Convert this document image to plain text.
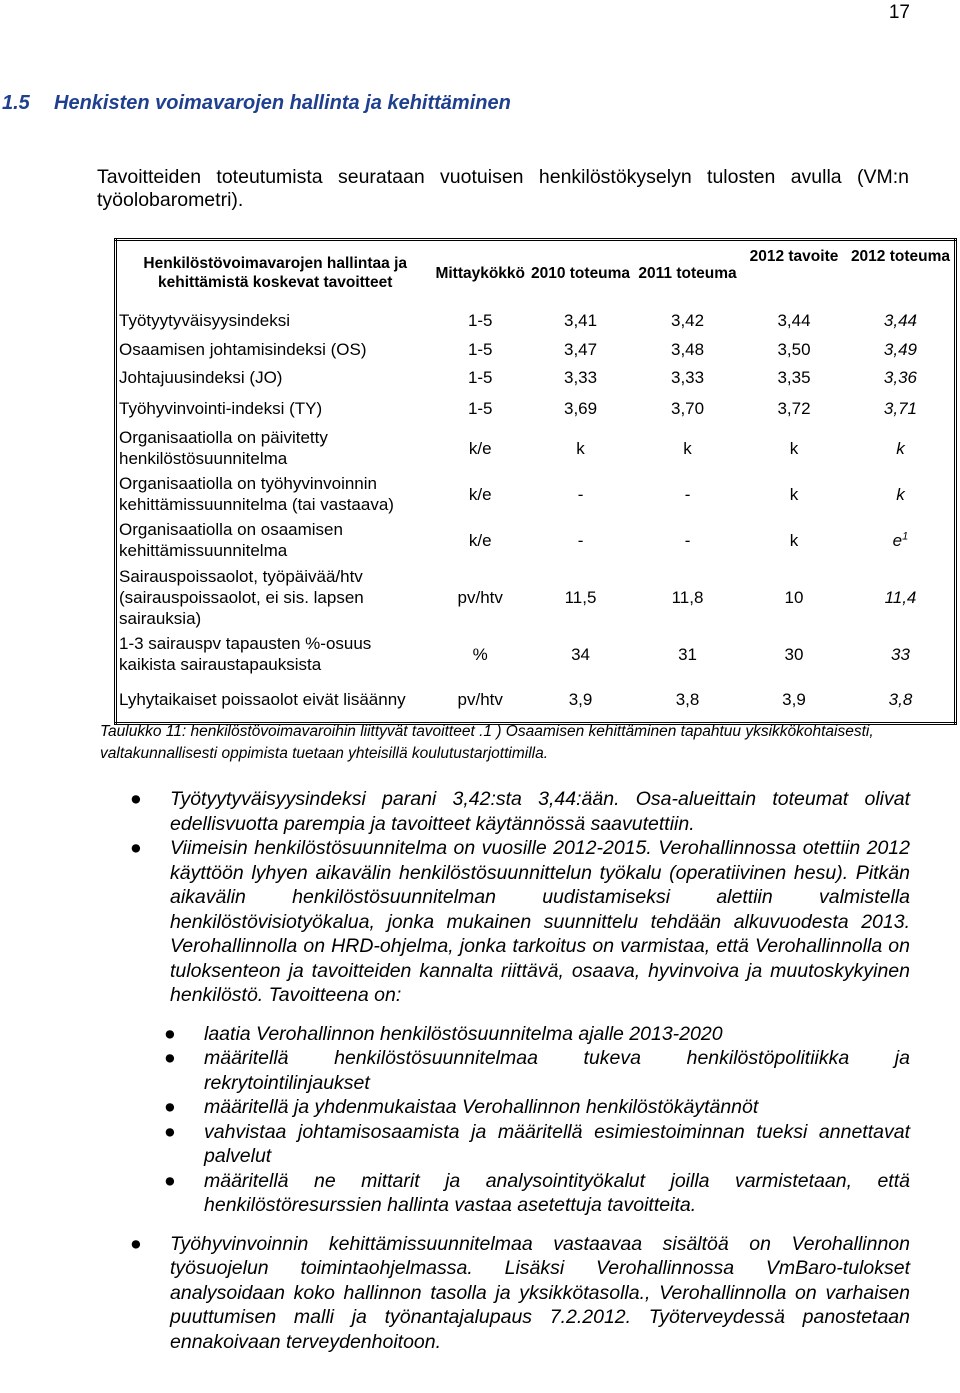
17
1.5 Henkisten voimavarojen hallinta ja kehittäminen
Tavoitteiden toteutumista seurataan vuotuisen henkilöstökyselyn tulosten avulla (VM:n työolobarometri).
Henkilöstövoimavarojen hallintaa ja kehittämistä koskevat tavoitteet	Mittaykökkö	2010 toteuma	2011 toteuma	2012 tavoite	2012 toteuma
Työtyytyväisyysindeksi	1-5	3,41	3,42	3,44	3,44
Osaamisen johtamisindeksi (OS)	1-5	3,47	3,48	3,50	3,49
Johtajuusindeksi (JO)	1-5	3,33	3,33	3,35	3,36
Työhyvinvointi-indeksi (TY)	1-5	3,69	3,70	3,72	3,71
Organisaatiolla on päivitetty henkilöstösuunnitelma	k/e	k	k	k	k
Organisaatiolla on työhyvinvoinnin kehittämissuunnitelma (tai vastaava)	k/e	-	-	k	k
Organisaatiolla on osaamisen kehittämissuunnitelma	k/e	-	-	k	$e^1$
Sairauspoissaolot, työpäivää/htv (sairauspoissaolot, ei sis. lapsen sairauksia)	pv/htv	11,5	11,8	10	11,4
1-3 sairauspv tapausten %-osuus kaikista sairaustapauksista	%	34	31	30	33
Lyhytaikaiset poissaolot eivät lisäänny	pv/htv	3,9	3,8	3,9	3,8
Taulukko 11: henkilöstövoimavaroihin liittyvät tavoitteet .1 ) Osaamisen kehittäminen tapahtuu yksikkökohtaisesti, valtakunnallisesti oppimista tuetaan yhteisillä koulutustarjottimilla.
● Työtyytyväisyysindeksi parani 3,42:sta 3,44:ään. Osa-alueittain toteumat olivat edellisvuotta parempia ja tavoitteet käytännössä saavutettiin.
● Viimeisin henkilöstösuunnitelma on vuosille 2012-2015. Verohallinnossa otettiin 2012 käyttöön lyhyen aikavälin henkilöstösuunnittelun työkalu (operatiivinen hesu). Pitkän aikavälin henkilöstösuunnitelman uudistamiseksi alettiin valmistella henkilöstövisiotyökalua, jonka mukainen suunnittelu tehdään alkuvuodesta 2013. Verohallinnolla on HRD-ohjelma, jonka tarkoitus on varmistaa, että Verohallinnolla on tuloksenteon ja tavoitteiden kannalta riittävä, osaava, hyvinvoiva ja muutoskykyinen henkilöstö. Tavoitteena on:
● laatia Verohallinnon henkilöstösuunnitelma ajalle 2013-2020
● määritellä henkilöstösuunnitelmaa tukeva henkilöstöpolitiikka ja rekrytointilinjaukset
● määritellä ja yhdenmukaistaa Verohallinnon henkilöstökäytännöt
● vahvistaa johtamisosaamista ja määritellä esimiestoiminnan tueksi annettavat palvelut
● määritellä ne mittarit ja analysointityökalut joilla varmistetaan, että henkilöstöresurssien hallinta vastaa asetettuja tavoitteita.
● Työhyvinvoinnin kehittämissuunnitelmaa vastaavaa sisältöä on Verohallinnon työsuojelun toimintaohjelmassa. Lisäksi Verohallinnossa VmBaro-tulokset analysoidaan koko hallinnon tasolla ja yksikkötasolla., Verohallinnolla on varhaisen puuttumisen malli ja työnantajalupaus 7.2.2012. Työterveydessä panostetaan ennakoivaan terveydenhoitoon.
